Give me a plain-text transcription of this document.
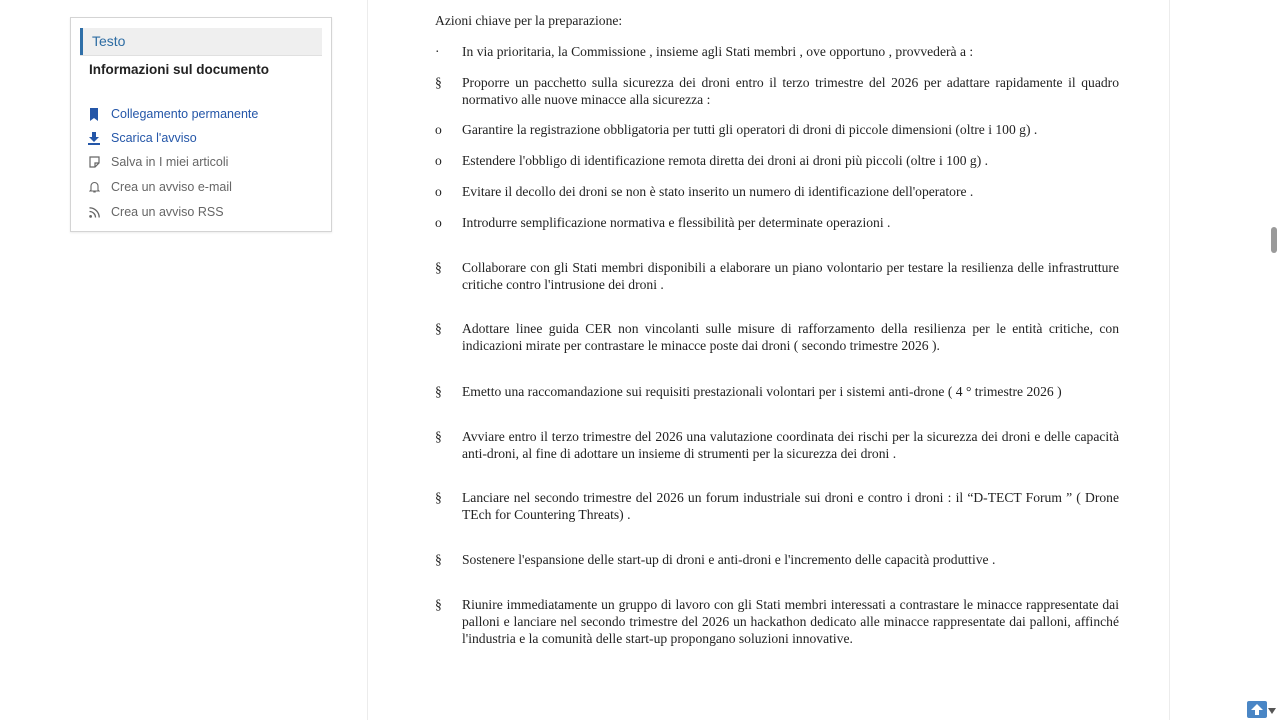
Testo
Informazioni sul documento
Collegamento permanente
Scarica l'avviso
Salva in I miei articoli
Crea un avviso e-mail
Crea un avviso RSS
Azioni chiave per la preparazione:
·	In via prioritaria, la Commissione , insieme agli Stati membri , ove opportuno , provvederà a :
§	Proporre un pacchetto sulla sicurezza dei droni entro il terzo trimestre del 2026 per adattare rapidamente il quadro normativo alle nuove minacce alla sicurezza :
o	Garantire la registrazione obbligatoria per tutti gli operatori di droni di piccole dimensioni (oltre i 100 g) .
o	Estendere l'obbligo di identificazione remota diretta dei droni ai droni più piccoli (oltre i 100 g) .
o	Evitare il decollo dei droni se non è stato inserito un numero di identificazione dell'operatore .
o	Introdurre semplificazione normativa e flessibilità per determinate operazioni .
§	Collaborare con gli Stati membri disponibili a elaborare un piano volontario per testare la resilienza delle infrastrutture critiche contro l'intrusione dei droni .
§	Adottare linee guida CER non vincolanti sulle misure di rafforzamento della resilienza per le entità critiche, con indicazioni mirate per contrastare le minacce poste dai droni ( secondo trimestre 2026 ).
§	Emetto una raccomandazione sui requisiti prestazionali volontari per i sistemi anti-drone ( 4 ° trimestre 2026 )
§	Avviare entro il terzo trimestre del 2026 una valutazione coordinata dei rischi per la sicurezza dei droni e delle capacità anti-droni, al fine di adottare un insieme di strumenti per la sicurezza dei droni .
§	Lanciare nel secondo trimestre del 2026 un forum industriale sui droni e contro i droni : il “D-TECT Forum ” ( Drone TEch for Countering Threats) .
§	Sostenere l'espansione delle start-up di droni e anti-droni e l'incremento delle capacità produttive .
§	Riunire immediatamente un gruppo di lavoro con gli Stati membri interessati a contrastare le minacce rappresentate dai palloni e lanciare nel secondo trimestre del 2026 un hackathon dedicato alle minacce rappresentate dai palloni, affinché l'industria e la comunità delle start-up propongano soluzioni innovative.
